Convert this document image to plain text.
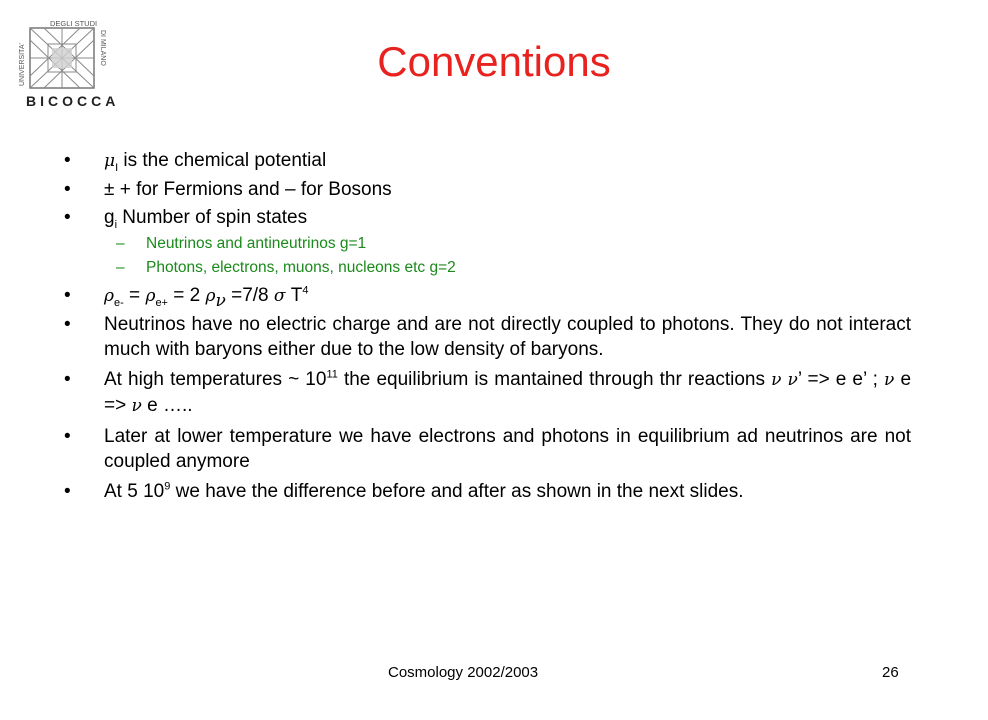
UNIVERSITA'
DEGLI STUDI
DI MILANO
BICOCCA
Conventions
•	$\mu_I$ is the chemical potential
•	± + for Fermions and – for Bosons
•	$g_i$ Number of spin states
– Neutrinos and antineutrinos g=1
– Photons, electrons, muons, nucleons etc g=2
•	$\rho_{e-} = \rho_{e+} = 2$ $\rho_\nu =7/8$ σ $T^4$
•	Neutrinos have no electric charge and are not directly coupled to photons. They do not interact much with baryons either due to the low density of baryons.
•	At high temperatures ~ $10^{11}$ the equilibrium is mantained through thr reactions ν ν’ => e e’ ; ν e => ν e …..
•	Later at lower temperature we have electrons and photons in equilibrium ad neutrinos are not coupled anymore
•	At 5 $10^9$ we have the difference before and after as shown in the next slides.
Cosmology 2002/2003	26
